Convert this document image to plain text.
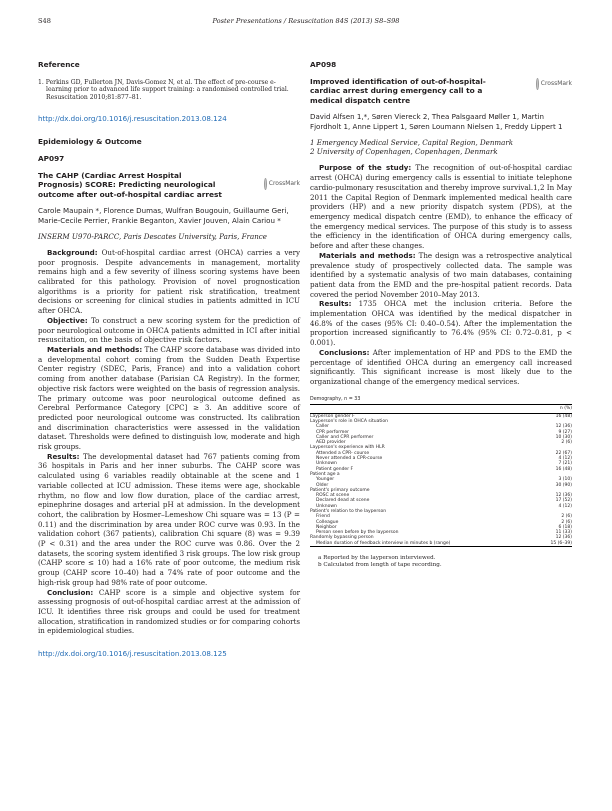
S48	Poster Presentations / Resuscitation 84S (2013) S8–S98
Reference
1. Perkins GD, Fullerton JN, Davis-Gomez N, et al. The effect of pre-course e-learning prior to advanced life support training: a randomised controlled trial. Resuscitation 2010;81:877–81.
http://dx.doi.org/10.1016/j.resuscitation.2013.08.124
Epidemiology & Outcome
AP097
The CAHP (Cardiac Arrest Hospital Prognosis) SCORE: Predicting neurological outcome after out-of-hospital cardiac arrest
CrossMark
Carole Maupain *, Florence Dumas, Wulfran Bougouin, Guillaume Geri, Marie-Cecile Perrier, Frankie Beganton, Xavier Jouven, Alain Cariou *
INSERM U970-PARCC, Paris Descates University, Paris, France

Background: Out-of-hospital cardiac arrest (OHCA) carries a very poor prognosis. Despite advancements in management, mortality remains high and a few severity of illness scoring systems have been calibrated for this pathology. Provision of novel prognostication algorithms is a priority for patient risk stratification, treatment decisions or screening for clinical studies in patients admitted in ICU after OHCA.

Objective: To construct a new scoring system for the prediction of poor neurological outcome in OHCA patients admitted in ICI after initial resuscitation, on the basis of objective risk factors.

Materials and methods: The CAHP score database was divided into a developmental cohort coming from the Sudden Death Expertise Center registry (SDEC, Paris, France) and into a validation cohort coming from another database (Parisian CA Registry). In the former, objective risk factors were weighted on the basis of regression analysis. The primary outcome was poor neurological outcome defined as Cerebral Performance Category [CPC] ≥ 3. An additive score of predicted poor neurological outcome was constructed. Its calibration and discrimination characteristics were assessed in the validation dataset. Thresholds were defined to distinguish low, moderate and high risk groups.

Results: The developmental dataset had 767 patients coming from 36 hospitals in Paris and her inner suburbs. The CAHP score was calculated using 6 variables readily obtainable at the scene and 1 variable collected at ICU admission. These items were age, shockable rhythm, no flow and low flow duration, place of the cardiac arrest, epinephrine dosages and arterial pH at admission. In the development cohort, the calibration by Hosmer–Lemeshow Chi square was = 13 (P = 0.11) and the discrimination by area under ROC curve was 0.93. In the validation cohort (367 patients), calibration Chi square (8) was = 9.39 (P < 0.31) and the area under the ROC curve was 0.86. Over the 2 datasets, the scoring system identified 3 risk groups. The low risk group (CAHP score ≤ 10) had a 16% rate of poor outcome, the medium risk group (CAHP score 10–40) had a 74% rate of poor outcome and the high-risk group had 98% rate of poor outcome.

Conclusion: CAHP score is a simple and objective system for assessing prognosis of out-of-hospital cardiac arrest at the admission of ICU. It identifies three risk groups and could be used for treatment allocation, stratification in randomized studies or for comparing cohorts in epidemiological studies.

http://dx.doi.org/10.1016/j.resuscitation.2013.08.125
AP098
Improved identification of out-of-hospital-cardiac arrest during emergency call to a medical dispatch centre
CrossMark
David Alfsen 1,*, Søren Viereck 2, Thea Palsgaard Møller 1, Martin Fjordholt 1, Anne Lippert 1, Søren Loumann Nielsen 1, Freddy Lippert 1
1 Emergency Medical Service, Capital Region, Denmark
2 University of Copenhagen, Copenhagen, Denmark

Purpose of the study: The recognition of out-of-hospital cardiac arrest (OHCA) during emergency calls is essential to initiate telephone cardio-pulmonary resuscitation and thereby improve survival.1,2 In May 2011 the Capital Region of Denmark implemented medical health care providers (HP) and a new priority dispatch system (PDS), at the emergency medical dispatch centre (EMD), to enhance the efficacy of the emergency medical services. The purpose of this study is to assess the efficiency in the identification of OHCA during emergency calls, before and after these changes.

Materials and methods: The design was a retrospective analytical prevalence study of prospectively collected data. The sample was identified by a systematic analysis of two main databases, containing patient data from the EMD and the pre-hospital patient records. Data covered the period November 2010–May 2013.

Results: 1735 OHCA met the inclusion criteria. Before the implementation OHCA was identified by the medical dispatcher in 46.8% of the cases (95% CI: 0.40–0.54). After the implementation the proportion increased significantly to 76.4% (95% CI: 0.72–0.81, p < 0.001).

Conclusions: After implementation of HP and PDS to the EMD the percentage of identified OHCA during an emergency call increased significantly. This significant increase is most likely due to the organizational change of the emergency medical services.

Demography, n = 33
	n (%)
Layperson gender F	16 (48)
Layperson's role in OHCA situation	
Caller	12 (36)
CPR performer	9 (27)
Caller and CPR performer	10 (30)
AED provider	2 (6)
Layperson's experience with HLR	
Attended a CPR- course	22 (67)
Never attended a CPR-course	4 (12)
Unknown	7 (21)
Patient gender F	16 (48)
Patient age a	
Younger	3 (10)
Older	30 (90)
Patient's primary outcome	
ROSC at scene	12 (36)
Declared dead at scene	17 (52)
Unknown	4 (12)
Patient's relation to the layperson	
Friend	2 (6)
Colleague	2 (6)
Neighbor	6 (18)
Person seen before by the layperson	11 (33)
Randomly bypassing person	12 (36)
Median duration of feedback interview in minutes b (range)	15 (6–39)
a Reported by the layperson interviewed.
b Calculated from length of tape recording.
